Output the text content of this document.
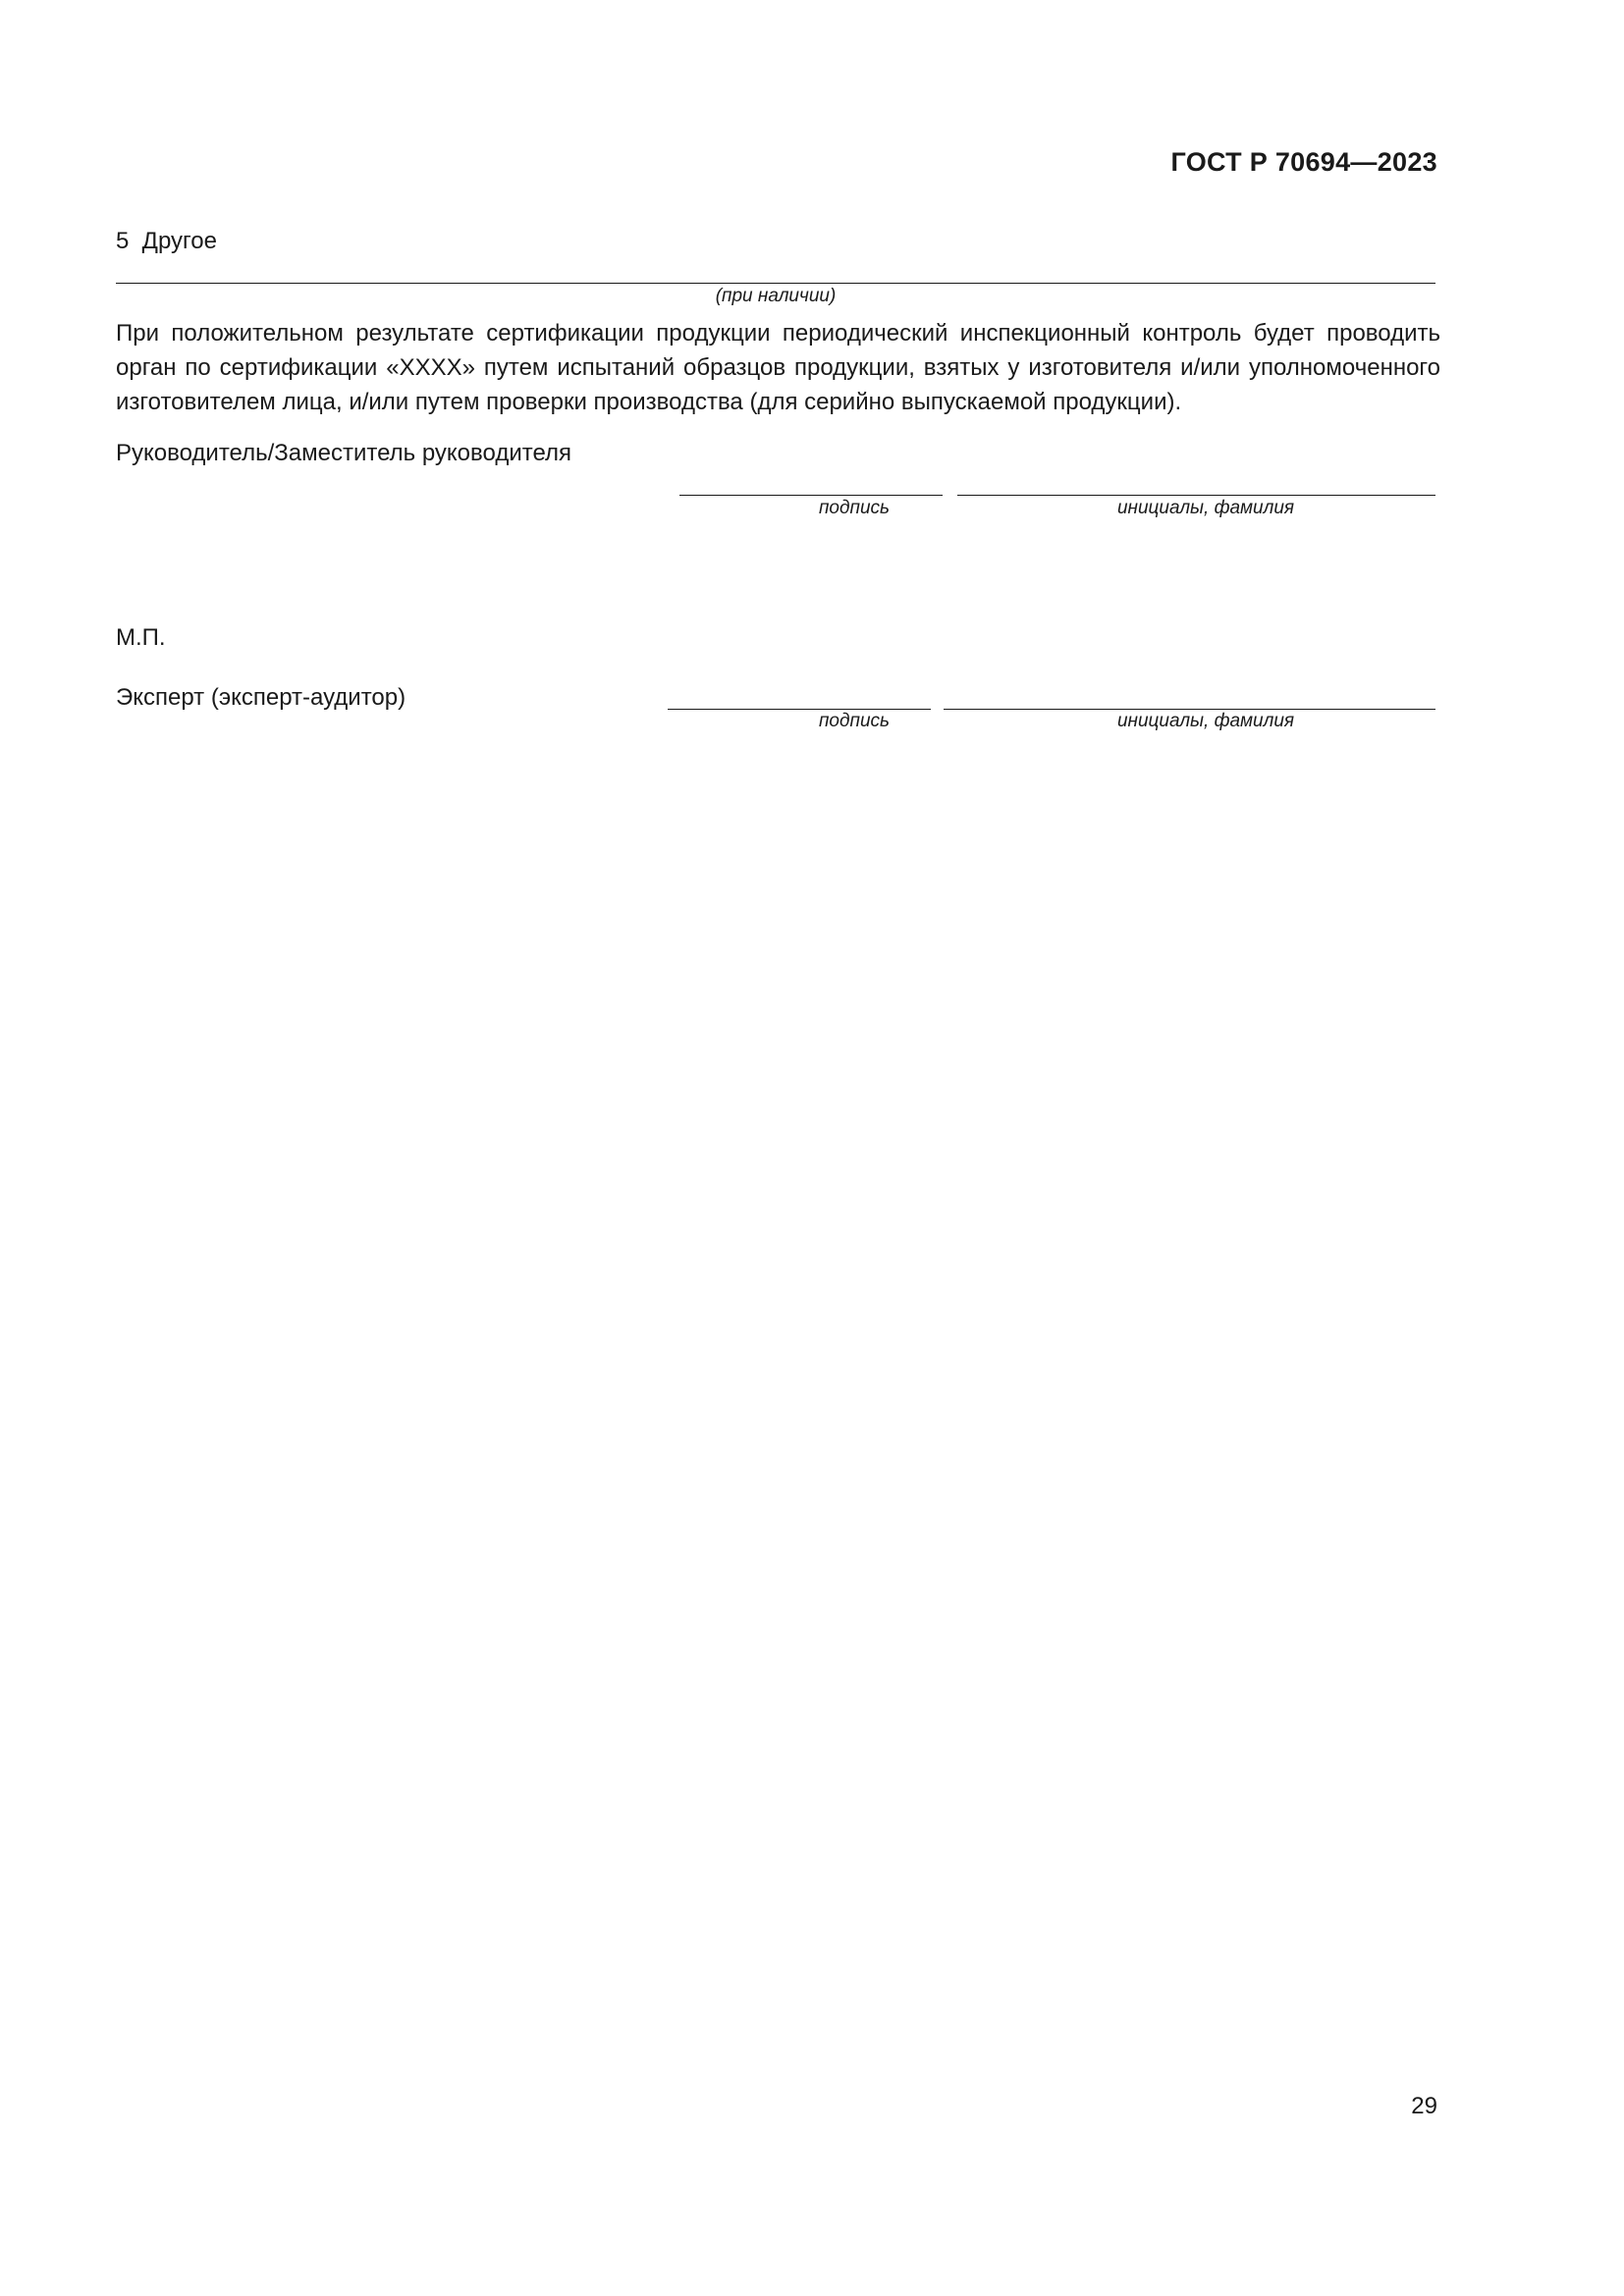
ГОСТ Р 70694—2023
5  Другое
(при наличии)

При положительном результате сертификации продукции периодический инспекционный контроль будет проводить орган по сертификации «XXXX» путем испытаний образцов продукции, взятых у изготовителя и/или уполномоченного изготовителем лица, и/или путем проверки производства (для серийно выпускаемой продукции).

Руководитель/Заместитель руководителя
подпись	инициалы, фамилия
М.П.
Эксперт (эксперт-аудитор)
подпись	инициалы, фамилия
29
